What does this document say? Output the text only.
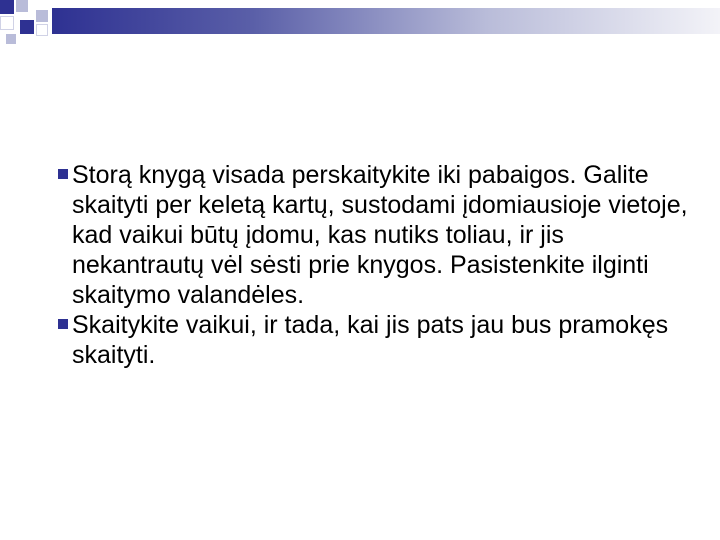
Storą knygą visada perskaitykite iki pabaigos. Galite skaityti per keletą kartų, sustodami įdomiausioje vietoje, kad vaikui būtų įdomu, kas nutiks toliau, ir jis nekantrautų vėl sėsti prie knygos. Pasistenkite ilginti skaitymo valandėles.
Skaitykite vaikui, ir tada, kai jis pats jau bus pramokęs skaityti.
